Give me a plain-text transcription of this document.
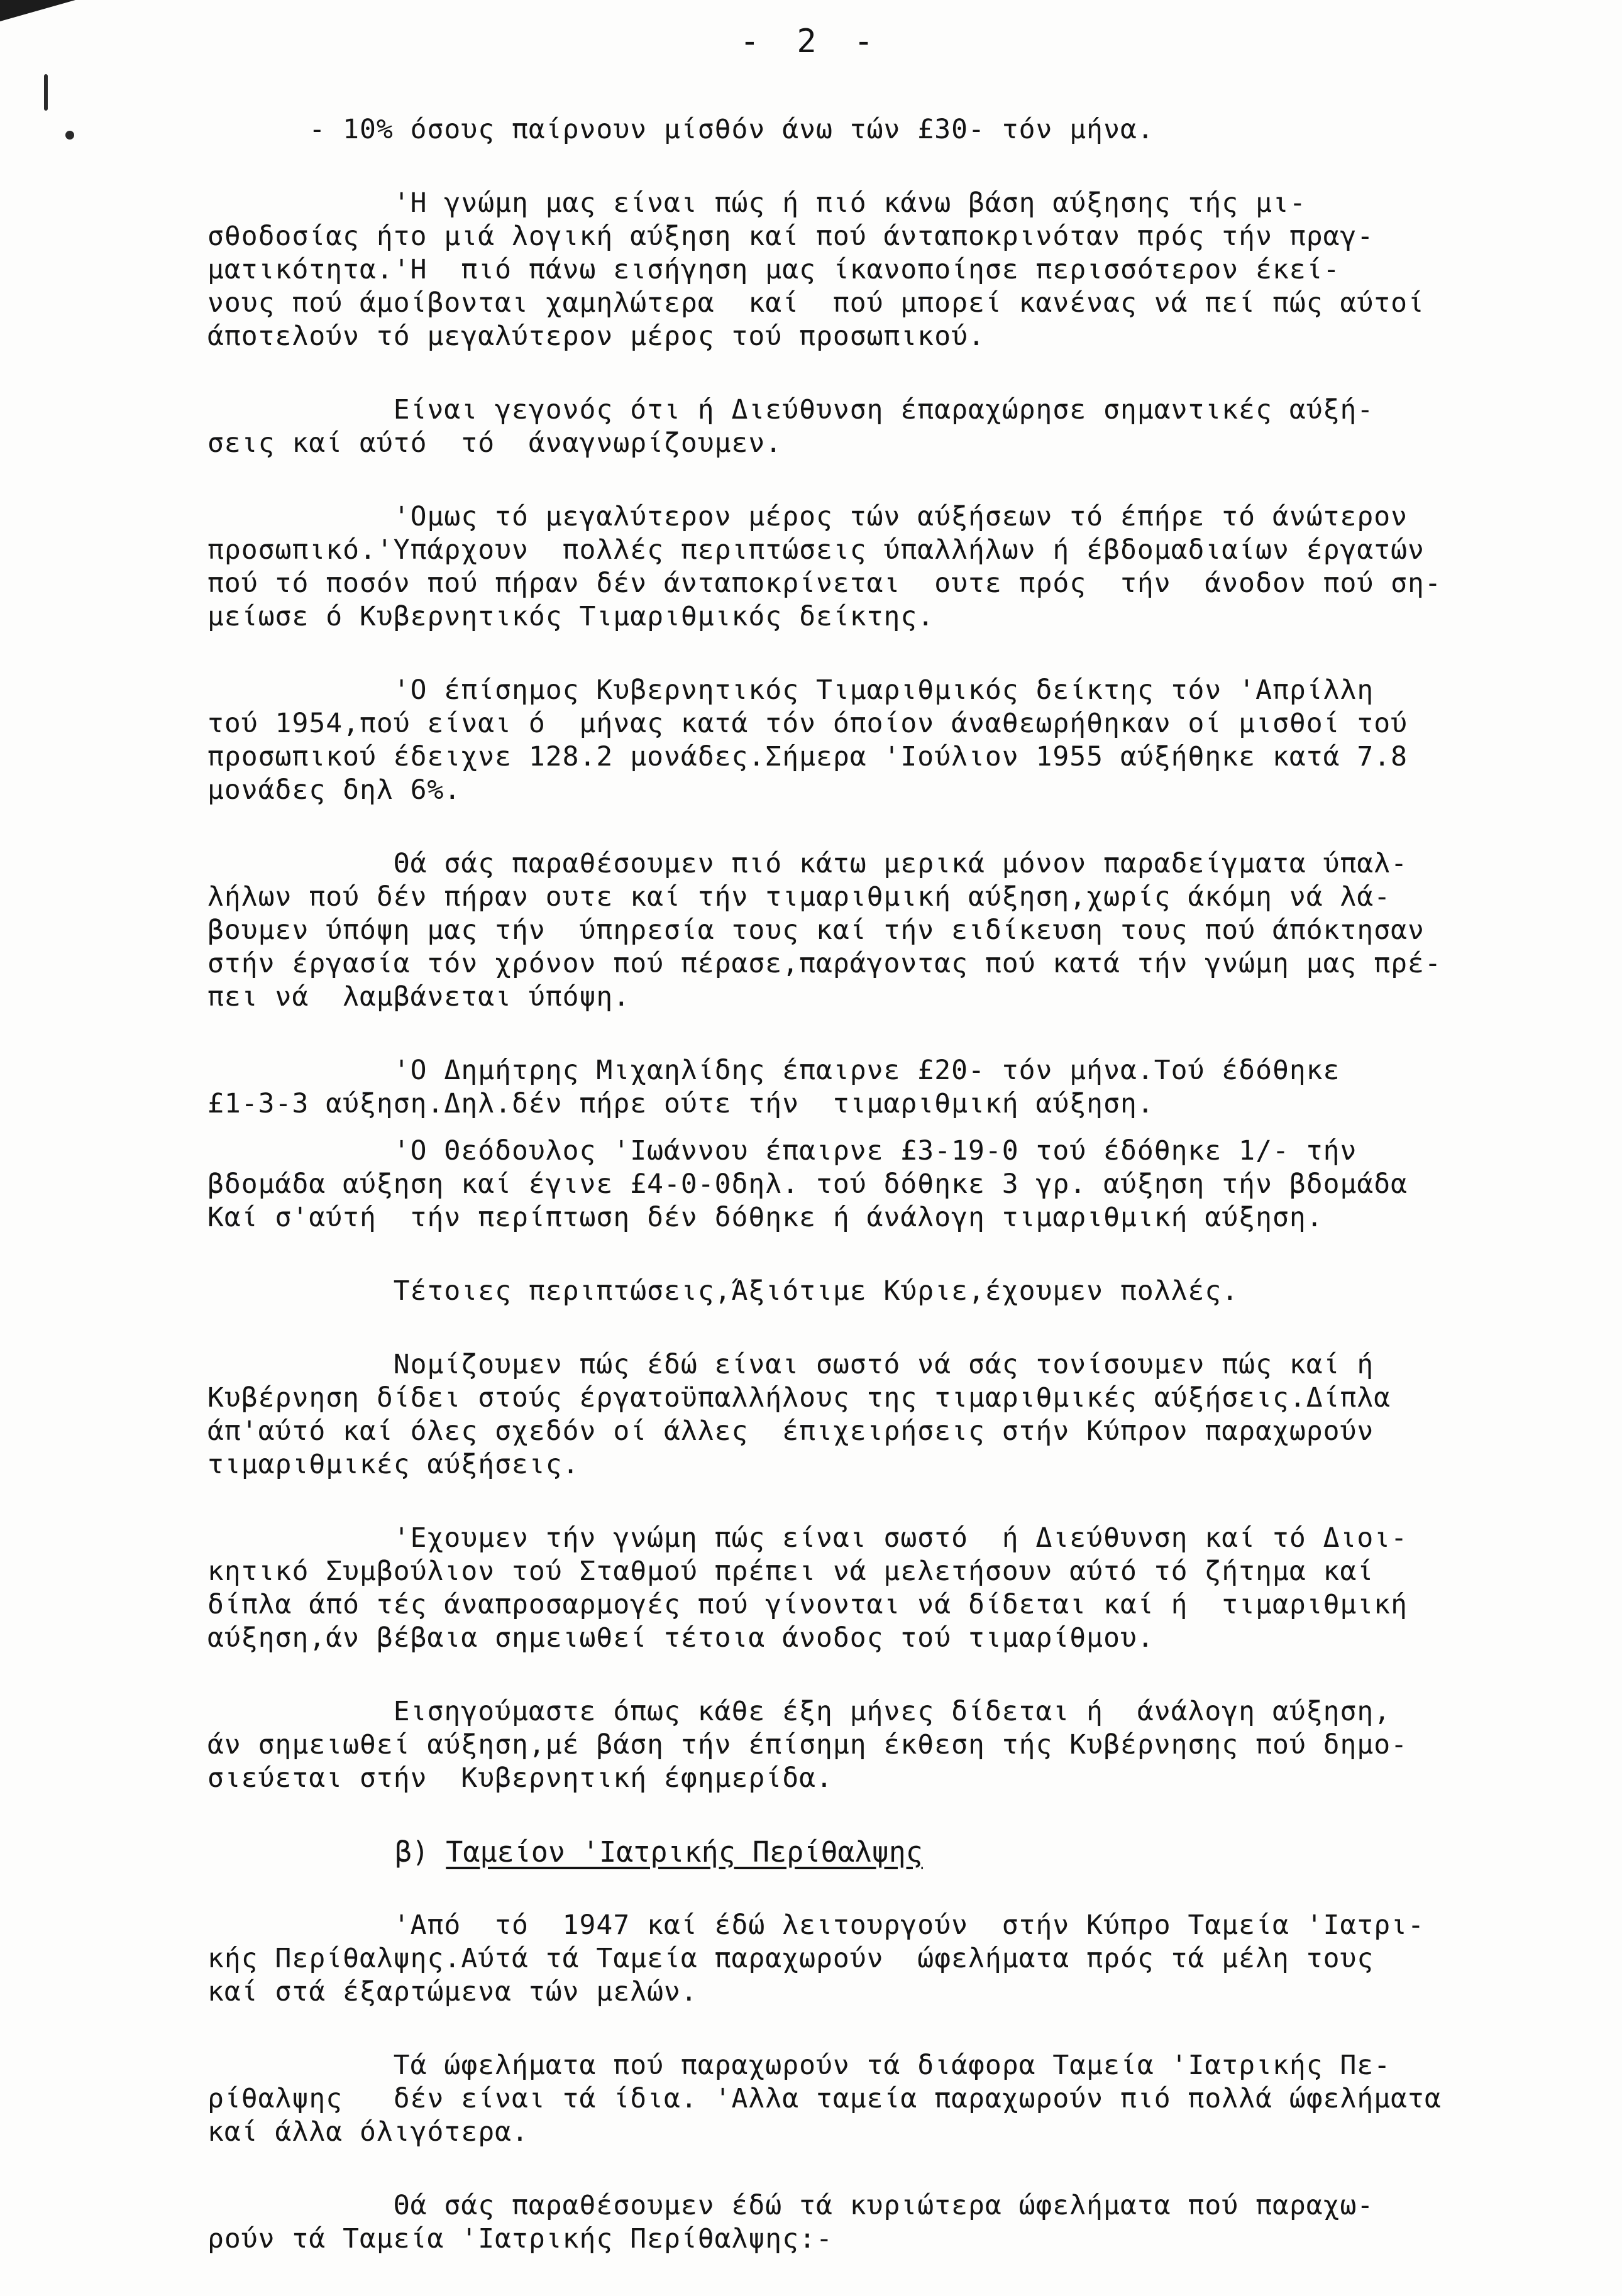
- 2 -
- 10% όσους παίρνουν μίσθόν άνω τών £30- τόν μήνα.
'Η γνώμη μας είναι πώς ή πιό κάνω βάση αύξησης τής μι-
σθοδοσίας ήτο μιά λογική αύξηση καί πού άνταποκρινόταν πρός τήν πραγ-
ματικότητα.'Η  πιό πάνω εισήγηση μας ίκανοποίησε περισσότερον έκεί-
νους πού άμοίβονται χαμηλώτερα  καί  πού μπορεί κανένας νά πεί πώς αύτοί
άποτελούν τό μεγαλύτερον μέρος τού προσωπικού.
Είναι γεγονός ότι ή Διεύθυνση έπαραχώρησε σημαντικές αύξή-
σεις καί αύτό  τό  άναγνωρίζουμεν.
'Ομως τό μεγαλύτερον μέρος τών αύξήσεων τό έπήρε τό άνώτερον
προσωπικό.'Υπάρχουν  πολλές περιπτώσεις ύπαλλήλων ή έβδομαδιαίων έργατών
πού τό ποσόν πού πήραν δέν άνταποκρίνεται  ουτε πρός  τήν  άνοδον πού ση-
μείωσε ό Κυβερνητικός Τιμαριθμικός δείκτης.
'Ο έπίσημος Κυβερνητικός Τιμαριθμικός δείκτης τόν 'Απρίλλη
τού 1954,πού είναι ό  μήνας κατά τόν όποίον άναθεωρήθηκαν οί μισθοί τού
προσωπικού έδειχνε 128.2 μονάδες.Σήμερα 'Ιούλιον 1955 αύξήθηκε κατά 7.8
μονάδες δηλ 6%.
Θά σάς παραθέσουμεν πιό κάτω μερικά μόνον παραδείγματα ύπαλ-
λήλων πού δέν πήραν ουτε καί τήν τιμαριθμική αύξηση,χωρίς άκόμη νά λά-
βουμεν ύπόψη μας τήν  ύπηρεσία τους καί τήν ειδίκευση τους πού άπόκτησαν
στήν έργασία τόν χρόνον πού πέρασε,παράγοντας πού κατά τήν γνώμη μας πρέ-
πει νά  λαμβάνεται ύπόψη.
'Ο Δημήτρης Μιχαηλίδης έπαιρνε £20- τόν μήνα.Τού έδόθηκε
£1-3-3 αύξηση.Δηλ.δέν πήρε ούτε τήν  τιμαριθμική αύξηση.
'Ο Θεόδουλος 'Ιωάννου έπαιρνε £3-19-0 τού έδόθηκε 1/- τήν
βδομάδα αύξηση καί έγινε £4-0-0δηλ. τού δόθηκε 3 γρ. αύξηση τήν βδομάδα
Καί σ'αύτή  τήν περίπτωση δέν δόθηκε ή άνάλογη τιμαριθμική αύξηση.
Τέτοιες περιπτώσεις,Άξιότιμε Κύριε,έχουμεν πολλές.
Νομίζουμεν πώς έδώ είναι σωστό νά σάς τονίσουμεν πώς καί ή
Κυβέρνηση δίδει στούς έργατοϋπαλλήλους της τιμαριθμικές αύξήσεις.Δίπλα
άπ'αύτό καί όλες σχεδόν οί άλλες  έπιχειρήσεις στήν Κύπρον παραχωρούν
τιμαριθμικές αύξήσεις.
'Εχουμεν τήν γνώμη πώς είναι σωστό  ή Διεύθυνση καί τό Διοι-
κητικό Συμβούλιον τού Σταθμού πρέπει νά μελετήσουν αύτό τό ζήτημα καί
δίπλα άπό τές άναπροσαρμογές πού γίνονται νά δίδεται καί ή  τιμαριθμική
αύξηση,άν βέβαια σημειωθεί τέτοια άνοδος τού τιμαρίθμου.
Εισηγούμαστε όπως κάθε έξη μήνες δίδεται ή  άνάλογη αύξηση,
άν σημειωθεί αύξηση,μέ βάση τήν έπίσημη έκθεση τής Κυβέρνησης πού δημο-
σιεύεται στήν  Κυβερνητική έφημερίδα.
β) Ταμείον 'Ιατρικής Περίθαλψης
'Από  τό  1947 καί έδώ λειτουργούν  στήν Κύπρο Ταμεία 'Ιατρι-
κής Περίθαλψης.Αύτά τά Ταμεία παραχωρούν  ώφελήματα πρός τά μέλη τους
καί στά έξαρτώμενα τών μελών.
Τά ώφελήματα πού παραχωρούν τά διάφορα Ταμεία 'Ιατρικής Πε-
ρίθαλψης   δέν είναι τά ίδια. 'Αλλα ταμεία παραχωρούν πιό πολλά ώφελήματα
καί άλλα όλιγότερα.
Θά σάς παραθέσουμεν έδώ τά κυριώτερα ώφελήματα πού παραχω-
ρούν τά Ταμεία 'Ιατρικής Περίθαλψης:-
